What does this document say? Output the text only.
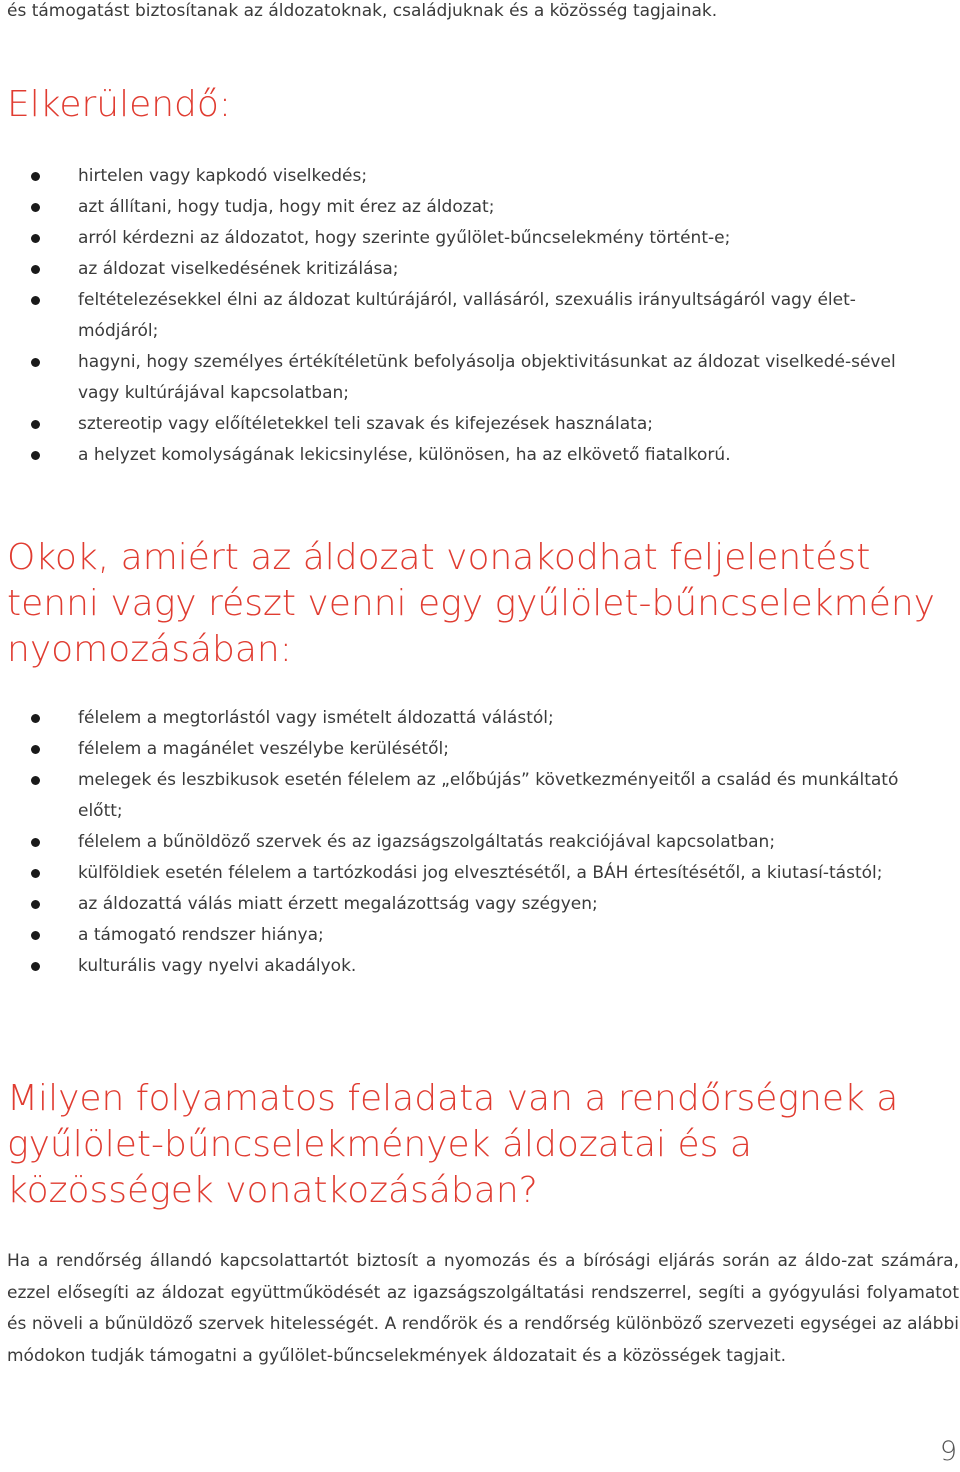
és támogatást biztosítanak az áldozatoknak, családjuknak és a közösség tagjainak.
Elkerülendő:
hirtelen vagy kapkodó viselkedés;
azt állítani, hogy tudja, hogy mit érez az áldozat;
arról kérdezni az áldozatot, hogy szerinte gyűlölet-bűncselekmény történt-e;
az áldozat viselkedésének kritizálása;
feltételezésekkel élni az áldozat kultúrájáról, vallásáról, szexuális irányultságáról vagy élet-módjáról;
hagyni, hogy személyes értékítéletünk befolyásolja objektivitásunkat az áldozat viselkedé-sével vagy kultúrájával kapcsolatban;
sztereotip vagy előítéletekkel teli szavak és kifejezések használata;
a helyzet komolyságának lekicsinylése, különösen, ha az elkövető fiatalkorú.
Okok, amiért az áldozat vonakodhat feljelentést tenni vagy részt venni egy gyűlölet-bűncselekmény nyomozásában:
félelem a megtorlástól vagy ismételt áldozattá válástól;
félelem a magánélet veszélybe kerülésétől;
melegek és leszbikusok esetén félelem az „előbújás” következményeitől a család és munkáltató előtt;
félelem a bűnöldöző szervek és az igazságszolgáltatás reakciójával kapcsolatban;
külföldiek esetén félelem a tartózkodási jog elvesztésétől, a BÁH értesítésétől, a kiutasí-tástól;
az áldozattá válás miatt érzett megalázottság vagy szégyen;
a támogató rendszer hiánya;
kulturális vagy nyelvi akadályok.
Milyen folyamatos feladata van a rendőrségnek a gyűlölet-bűncselekmények áldozatai és a közösségek vonatkozásában?

Ha a rendőrség állandó kapcsolattartót biztosít a nyomozás és a bírósági eljárás során az áldo-zat számára, ezzel elősegíti az áldozat együttműködését az igazságszolgáltatási rendszerrel, segíti a gyógyulási folyamatot és növeli a bűnüldöző szervek hitelességét. A rendőrök és a rendőrség különböző szervezeti egységei az alábbi módokon tudják támogatni a gyűlölet-bűncselekmények áldozatait és a közösségek tagjait.

9
